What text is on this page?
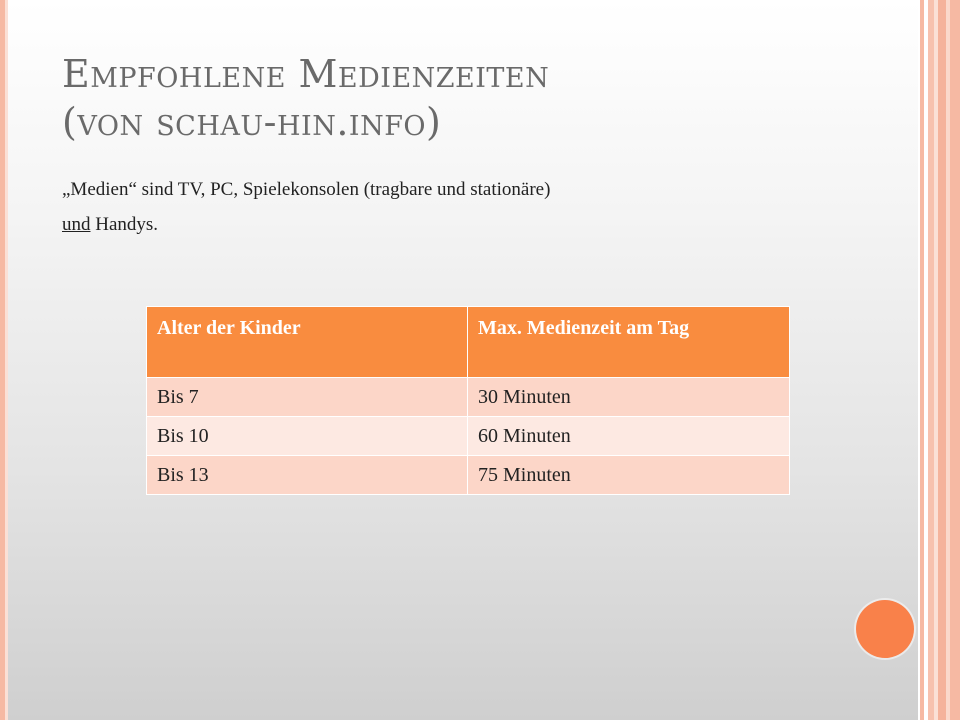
Empfohlene Medienzeiten
(von schau-hin.info)
„Medien“ sind TV, PC, Spielekonsolen (tragbare und stationäre)
und Handys.
Alter der Kinder	Max. Medienzeit am Tag
Bis 7	30 Minuten
Bis 10	60 Minuten
Bis 13	75 Minuten
